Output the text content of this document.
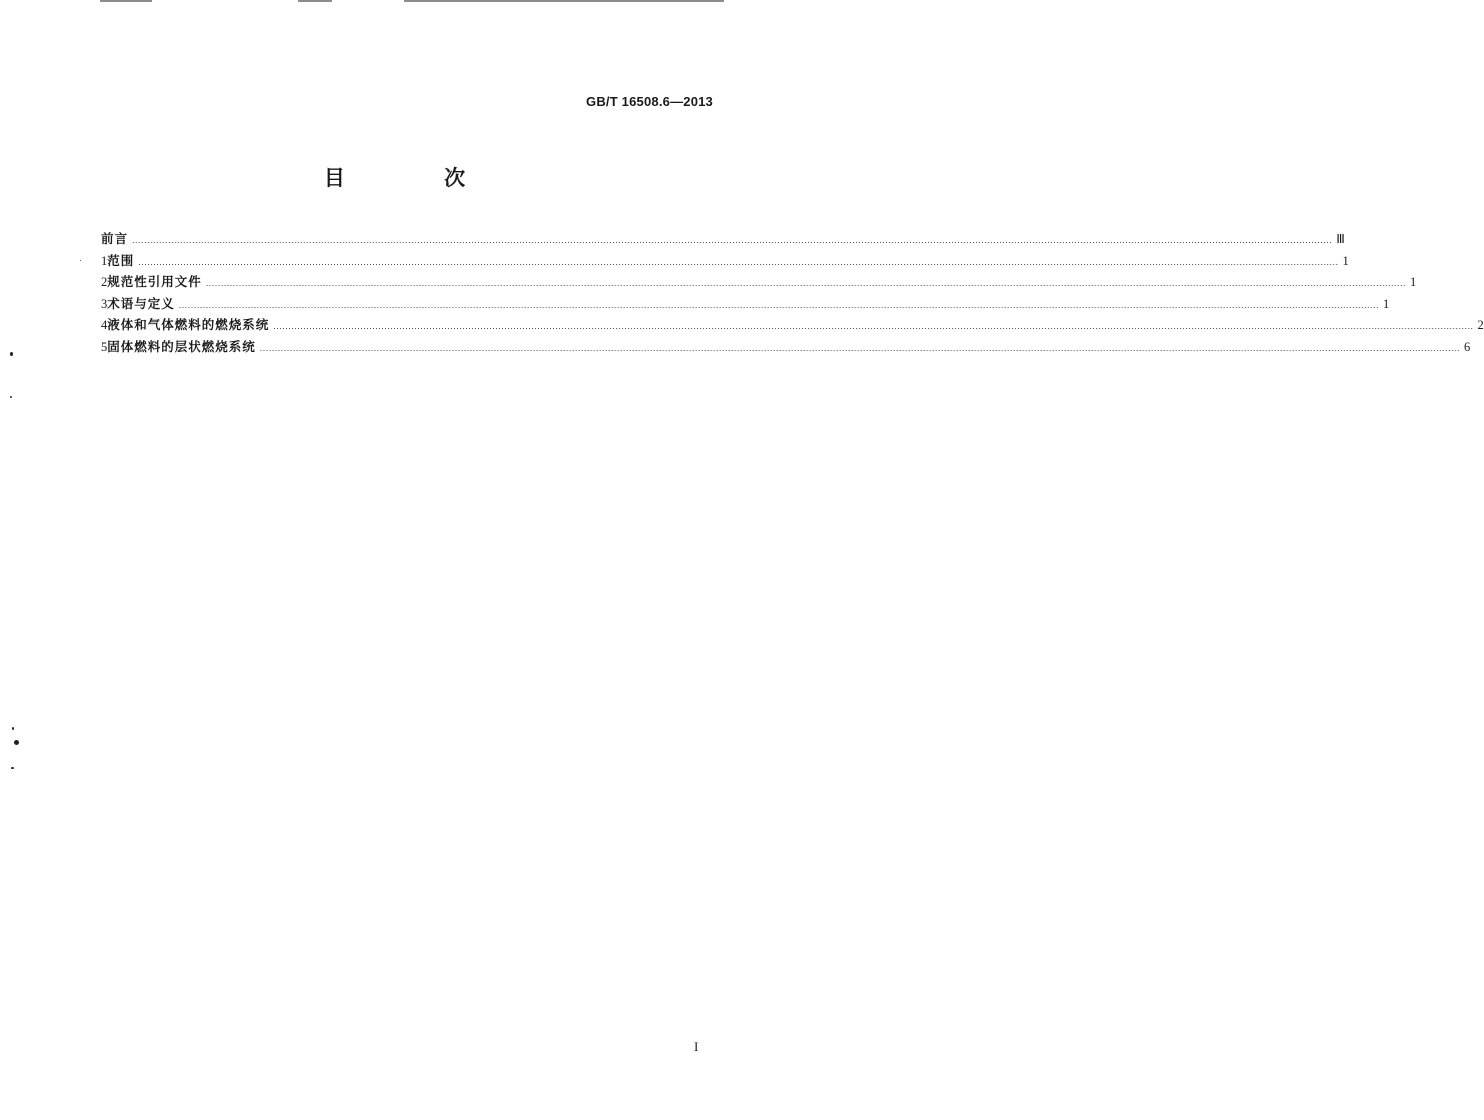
GB/T 16508.6—2013
目 次
前言 ................................................................................................................................................................................................................................................................................................................................................................................................................ Ⅲ
1 范围 ................................................................................................................................................................................................................................................................................................................................................................................................................ 1
2 规范性引用文件 ................................................................................................................................................................................................................................................................................................................................................................................................................ 1
3 术语与定义 ................................................................................................................................................................................................................................................................................................................................................................................................................ 1
4 液体和气体燃料的燃烧系统 ................................................................................................................................................................................................................................................................................................................................................................................................................ 2
5 固体燃料的层状燃烧系统 ................................................................................................................................................................................................................................................................................................................................................................................................................ 6
I
